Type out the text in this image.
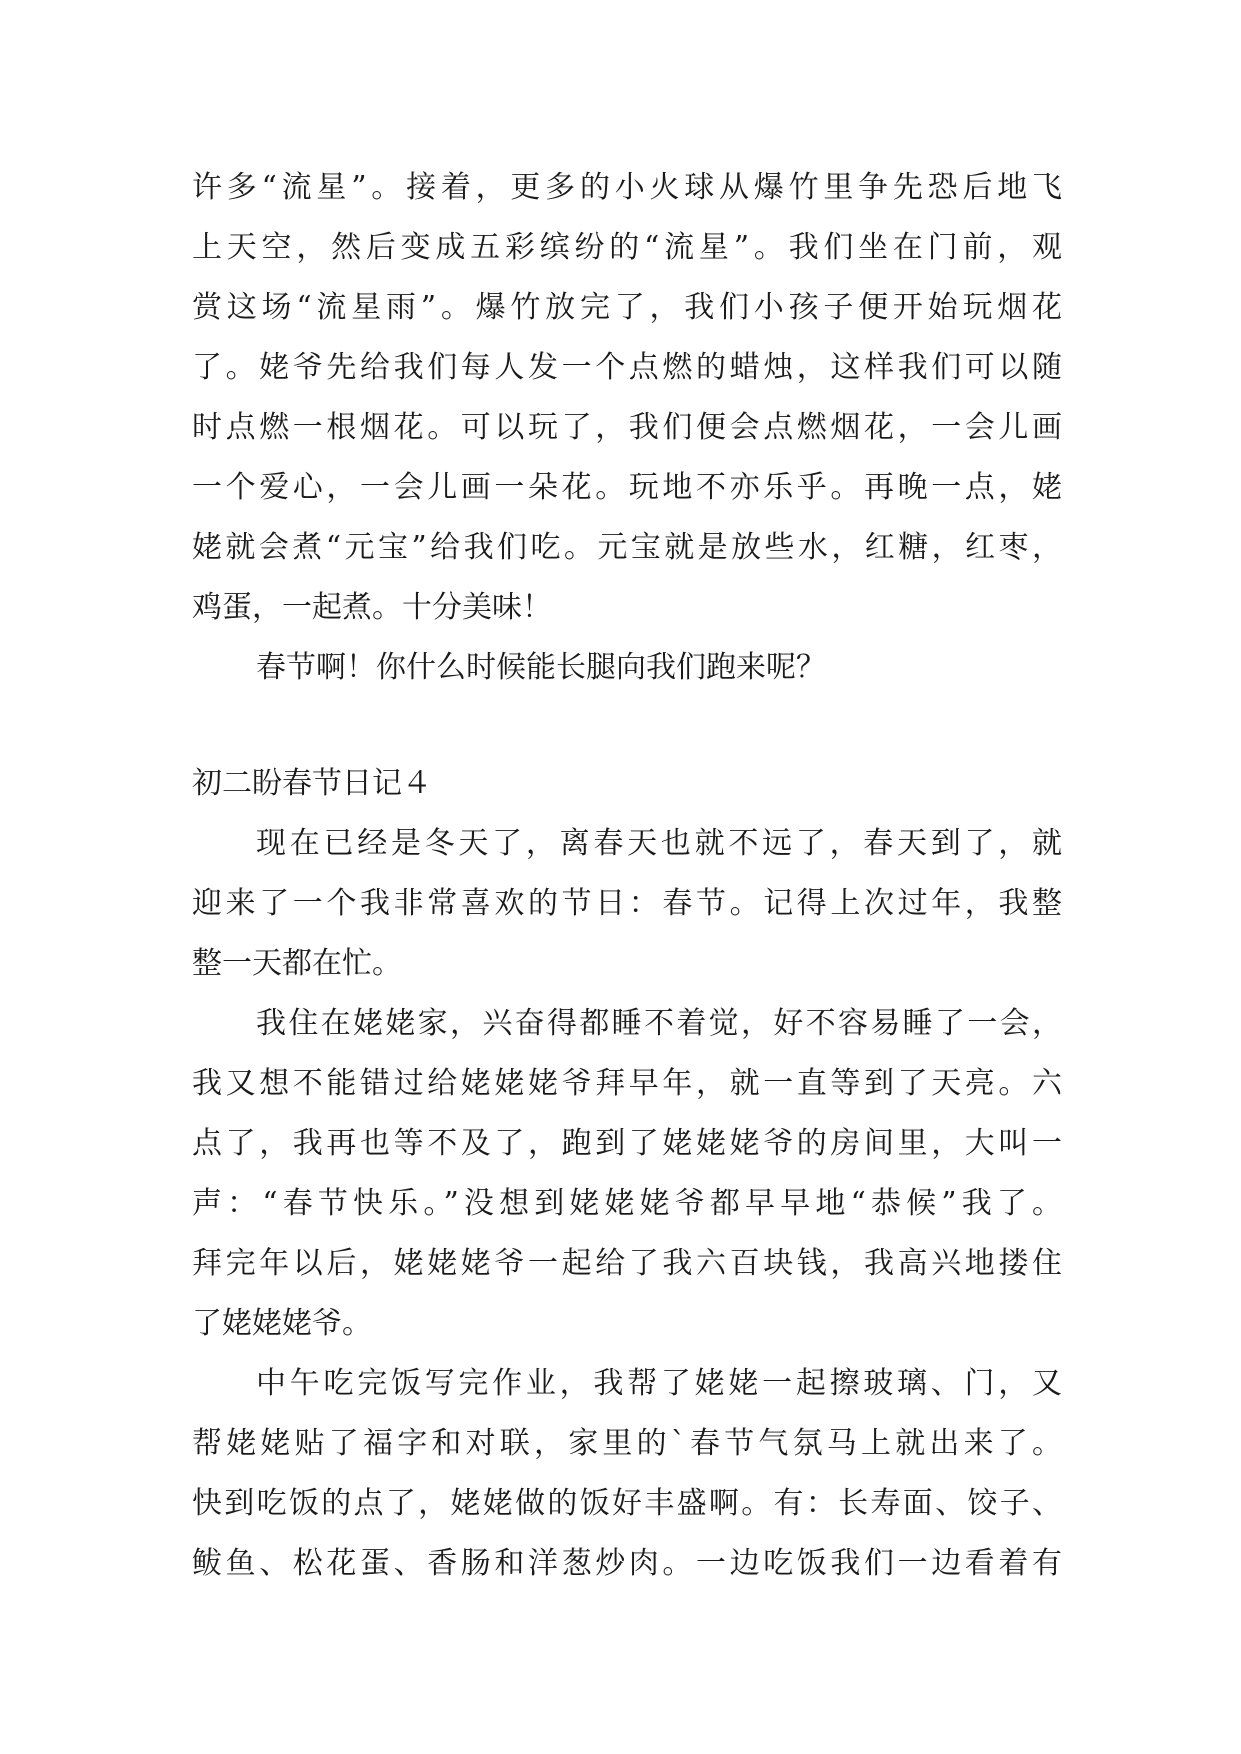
许多“流星”。接着，更多的小火球从爆竹里争先恐后地飞
上天空，然后变成五彩缤纷的“流星”。我们坐在门前，观
赏这场“流星雨”。爆竹放完了，我们小孩子便开始玩烟花
了。姥爷先给我们每人发一个点燃的蜡烛，这样我们可以随
时点燃一根烟花。可以玩了，我们便会点燃烟花，一会儿画
一个爱心，一会儿画一朵花。玩地不亦乐乎。再晚一点，姥
姥就会煮“元宝”给我们吃。元宝就是放些水，红糖，红枣，
鸡蛋，一起煮。十分美味！
春节啊！你什么时候能长腿向我们跑来呢？
初二盼春节日记４
现在已经是冬天了，离春天也就不远了，春天到了，就
迎来了一个我非常喜欢的节日：春节。记得上次过年，我整
整一天都在忙。
我住在姥姥家，兴奋得都睡不着觉，好不容易睡了一会，
我又想不能错过给姥姥姥爷拜早年，就一直等到了天亮。六
点了，我再也等不及了，跑到了姥姥姥爷的房间里，大叫一
声：“春节快乐。”没想到姥姥姥爷都早早地“恭候”我了。
拜完年以后，姥姥姥爷一起给了我六百块钱，我高兴地搂住
了姥姥姥爷。
中午吃完饭写完作业，我帮了姥姥一起擦玻璃、门，又
帮姥姥贴了福字和对联，家里的`春节气氛马上就出来了。
快到吃饭的点了，姥姥做的饭好丰盛啊。有：长寿面、饺子、
鲅鱼、松花蛋、香肠和洋葱炒肉。一边吃饭我们一边看着有
